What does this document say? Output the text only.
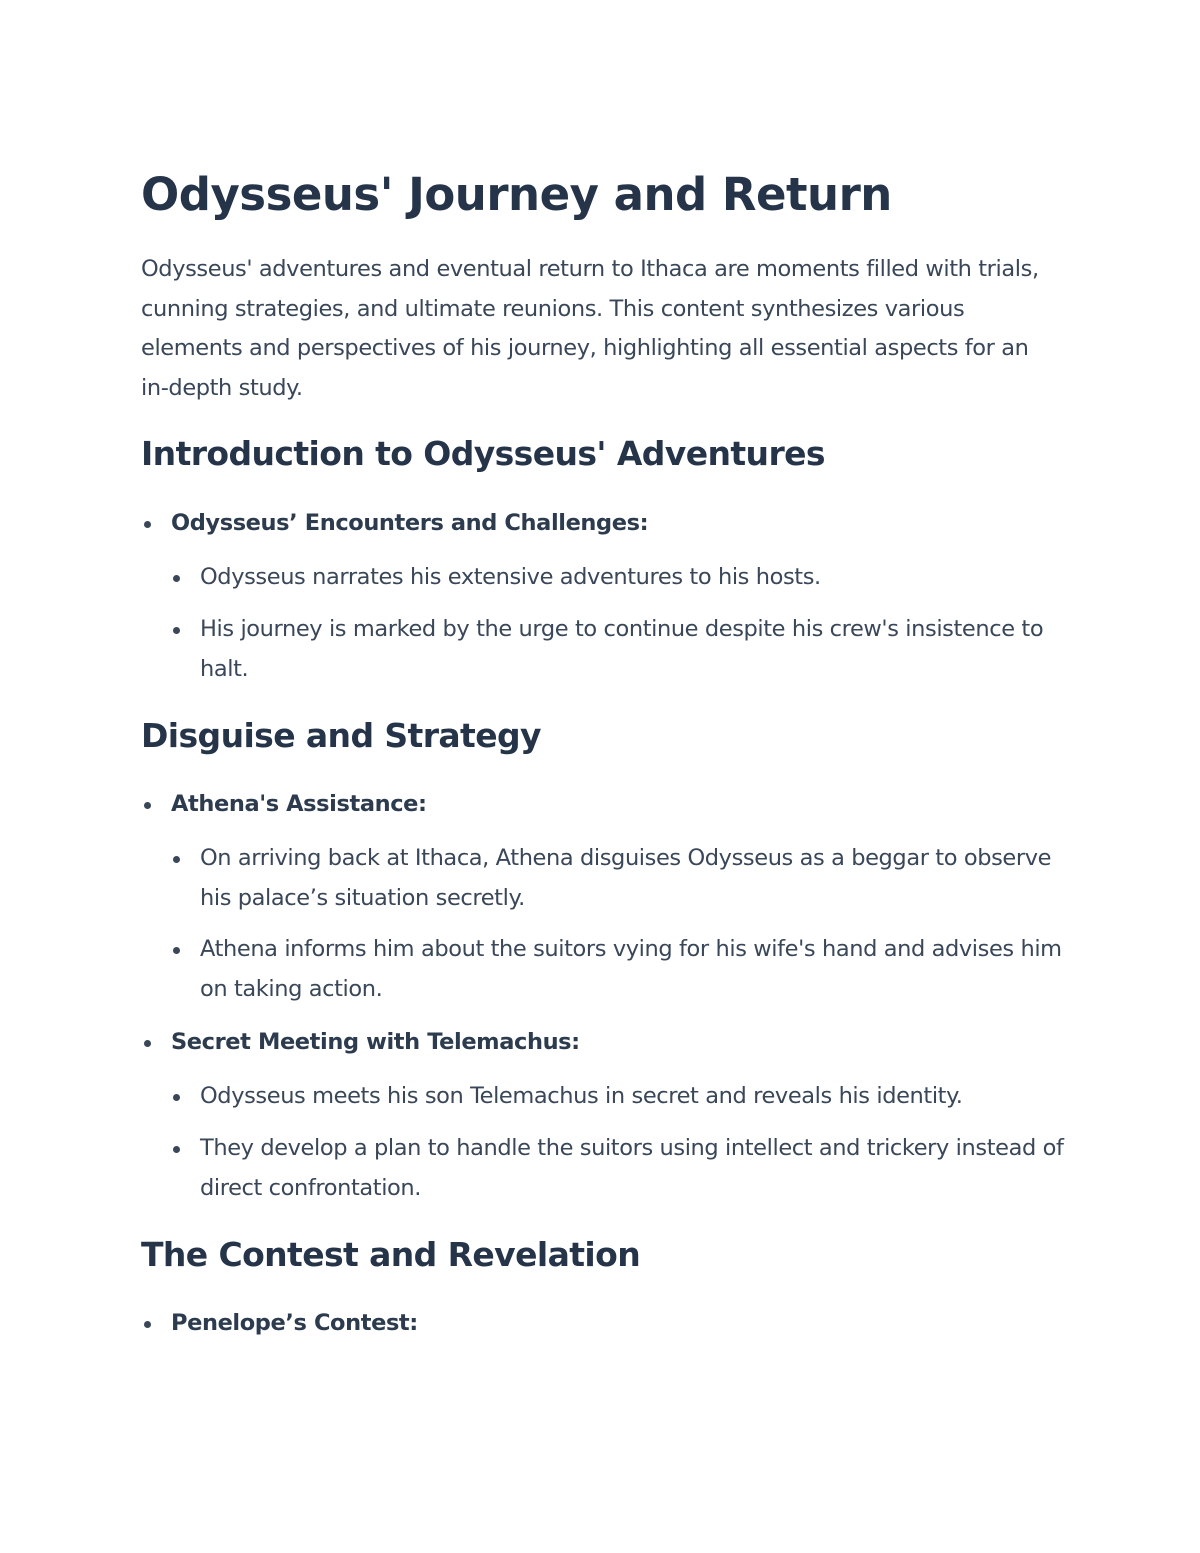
Odysseus' Journey and Return

Odysseus' adventures and eventual return to Ithaca are moments filled with trials, cunning strategies, and ultimate reunions. This content synthesizes various elements and perspectives of his journey, highlighting all essential aspects for an in-depth study.

Introduction to Odysseus' Adventures
Odysseus’ Encounters and Challenges:
Odysseus narrates his extensive adventures to his hosts.
His journey is marked by the urge to continue despite his crew's insistence to halt.
Disguise and Strategy
Athena's Assistance:
On arriving back at Ithaca, Athena disguises Odysseus as a beggar to observe his palace’s situation secretly.
Athena informs him about the suitors vying for his wife's hand and advises him on taking action.
Secret Meeting with Telemachus:
Odysseus meets his son Telemachus in secret and reveals his identity.
They develop a plan to handle the suitors using intellect and trickery instead of direct confrontation.
The Contest and Revelation
Penelope’s Contest:
